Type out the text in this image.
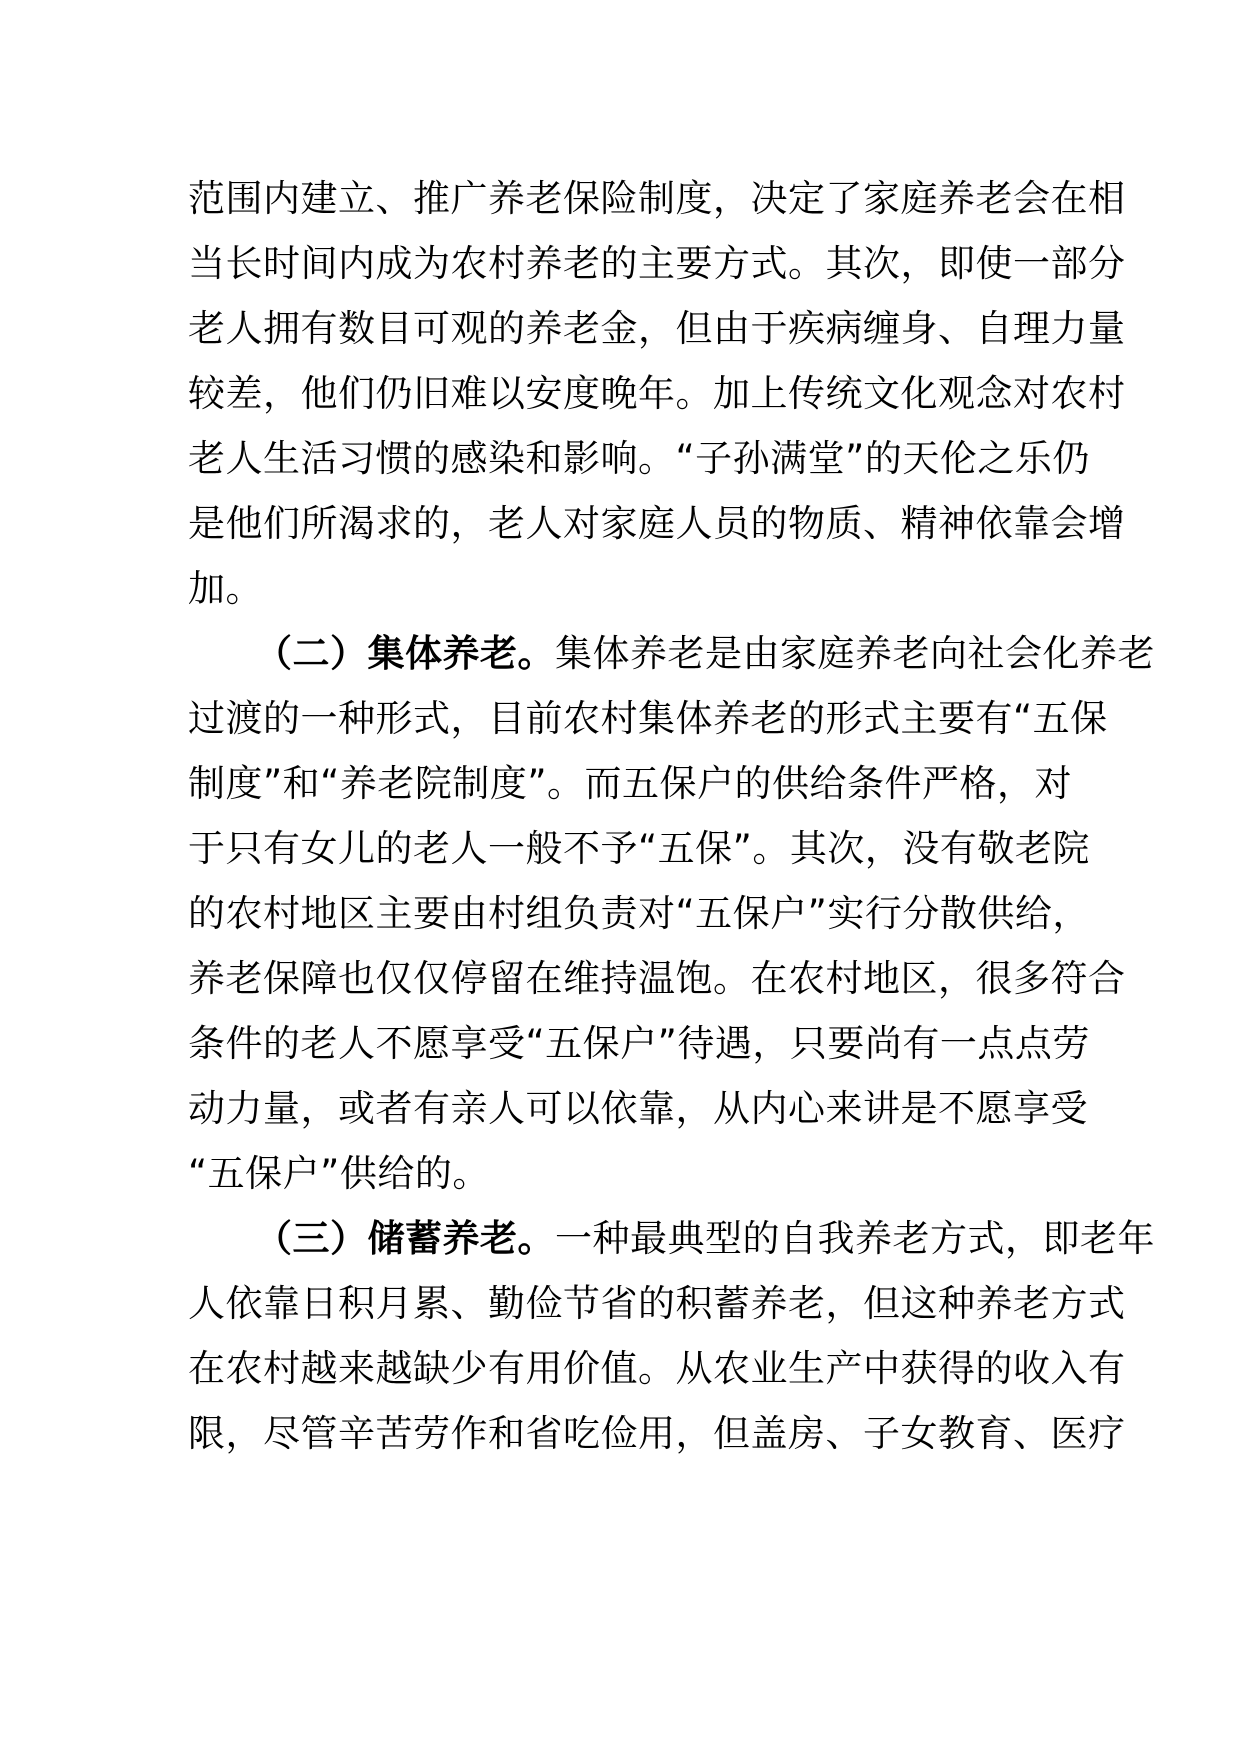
范围内建立、推广养老保险制度，决定了家庭养老会在相
当长时间内成为农村养老的主要方式。其次，即使一部分
老人拥有数目可观的养老金，但由于疾病缠身、自理力量
较差，他们仍旧难以安度晚年。加上传统文化观念对农村
老人生活习惯的感染和影响。“子孙满堂”的天伦之乐仍
是他们所渴求的，老人对家庭人员的物质、精神依靠会增
加。
（二）集体养老。集体养老是由家庭养老向社会化养老
过渡的一种形式，目前农村集体养老的形式主要有“五保
制度”和“养老院制度”。而五保户的供给条件严格，对
于只有女儿的老人一般不予“五保”。其次，没有敬老院
的农村地区主要由村组负责对“五保户”实行分散供给，
养老保障也仅仅停留在维持温饱。在农村地区，很多符合
条件的老人不愿享受“五保户”待遇，只要尚有一点点劳
动力量，或者有亲人可以依靠，从内心来讲是不愿享受
“五保户”供给的。
（三）储蓄养老。一种最典型的自我养老方式，即老年
人依靠日积月累、勤俭节省的积蓄养老，但这种养老方式
在农村越来越缺少有用价值。从农业生产中获得的收入有
限，尽管辛苦劳作和省吃俭用，但盖房、子女教育、医疗
